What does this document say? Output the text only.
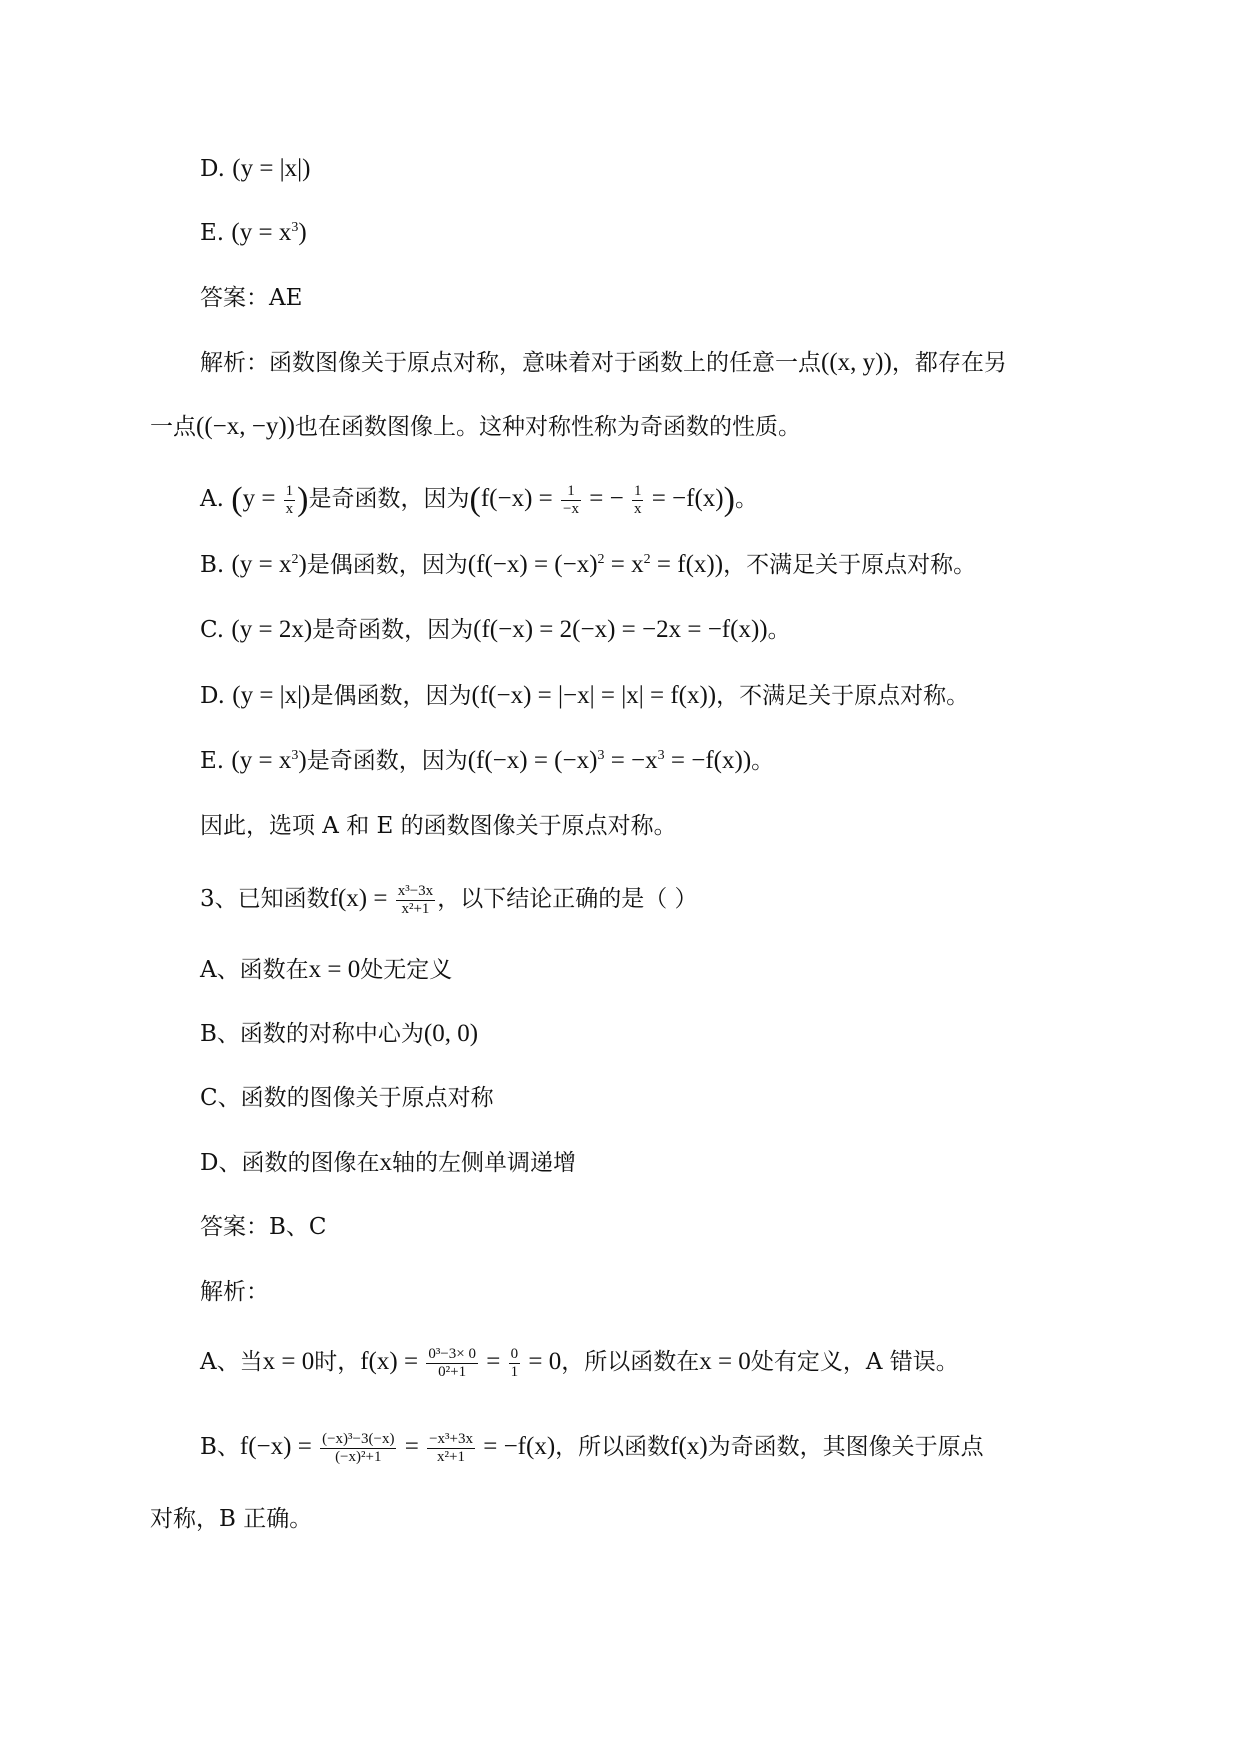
D. (y = |x|)
E. $(y = x^3)$
答案：AE
解析：函数图像关于原点对称，意味着对于函数上的任意一点((x, y))，都存在另
一点((−x, −y))也在函数图像上。这种对称性称为奇函数的性质。
A. ($y = \frac{1}{x}$ )是奇函数，因为($f(-x) = \frac{1}{-x}$ = − $\frac{1}{x} = -f(x)$)。
B. $(y = x^2)$是偶函数，因为$(f(-x) = (-x)^2 = x^2 = f(x))$，不满足关于原点对称。
C. (y = 2x)是奇函数，因为(f(−x) = 2(−x) = −2x = −f(x))。
D. (y = |x|)是偶函数，因为(f(−x) = |−x| = |x| = f(x))，不满足关于原点对称。
E. $(y = x^3)$是奇函数，因为$(f(-x) = (-x)^3 = -x^3 = -f(x))$。
因此，选项 A 和 E 的函数图像关于原点对称。
3、已知函数$f(x) = \frac{\text{x³−3x}}{\text{x²+1}}$ ，以下结论正确的是（ ）
A、函数在x = 0处无定义
B、函数的对称中心为(0, 0)
C、函数的图像关于原点对称
D、函数的图像在x轴的左侧单调递增
答案：B、C
解析：
A、当x = 0时，$f(x) = \frac{\text{0³−3× 0}}{\text{0²+1}} = \frac{0}{1} = 0$，所以函数在x = 0处有定义，A 错误。
B、$f(-x) = \frac{\text{(−x)³−3(−x)}}{\text{(−x)²+1}} = \frac{\text{−x³+3x}}{\text{x²+1}} = -f(x)$，所以函数f(x)为奇函数，其图像关于原点
对称，B 正确。
